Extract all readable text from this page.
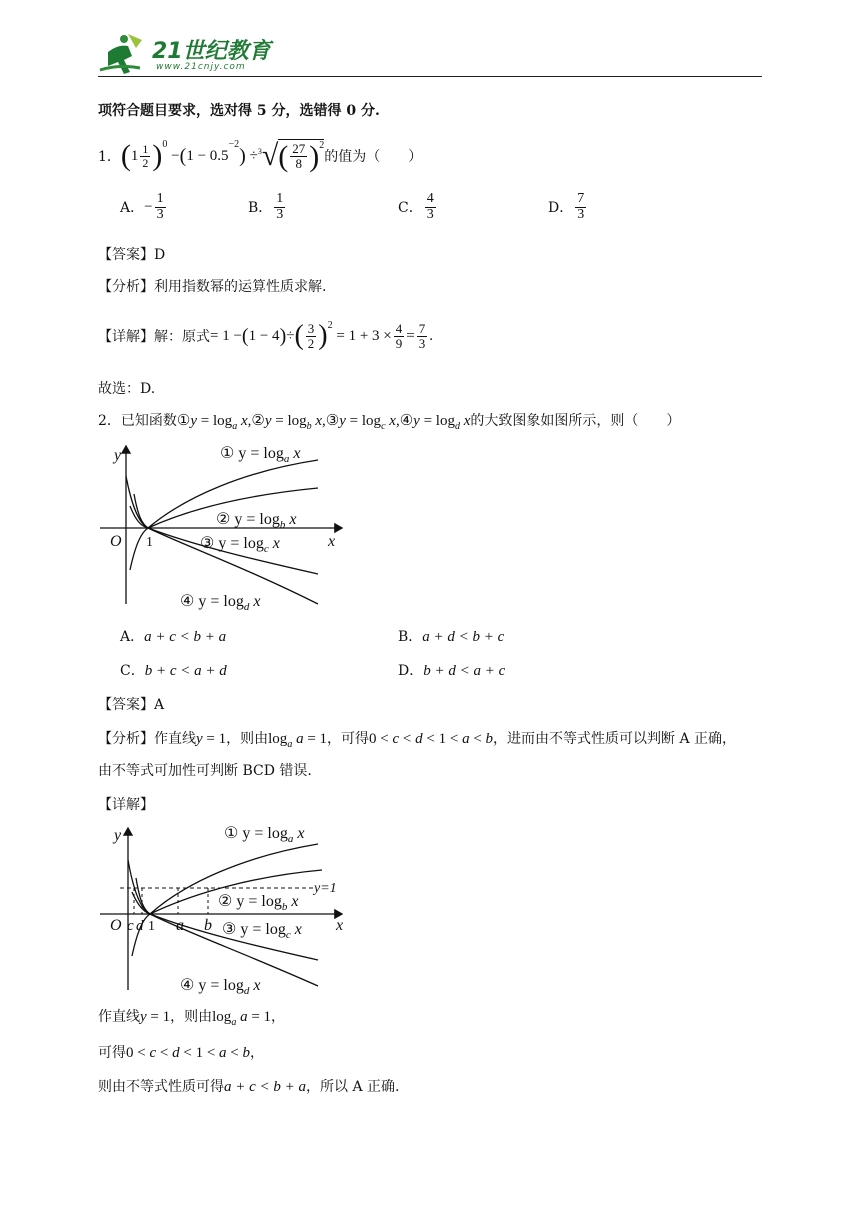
21世纪教育
www.21cnjy.com
项符合题目要求，选对得 5 分，选错得 0 分.
1． ( $1 \frac{1}{2} )^0$
− ( 1 − 0.5
$^{-2}$
) ÷$^3$ √ ( $\frac{27}{8} )^2$
的值为（　　）
A． − $\frac{1}{3}$	B． $\frac{1}{3}$	C． $\frac{4}{3}$	D． $\frac{7}{3}$
【答案】D
【分析】利用指数幂的运算性质求解.
【详解】 解：原式 = 1 − ( 1 − 4 ) ÷ ( $\frac{3}{2} )^2$
= $1 + 3 \times \frac{4}{9} = \frac{7}{3}$ .
故选：D.
2．已知函数①y = $\log_a$ x,②y = $\log_b$ x,③y = $\log_c$ x,④y = $\log_d x$的大致图象如图所示，则（　　）
y
x
O 1
① $y = \log_a x$
② $y = \log_b x$
③ $y = \log_c x$
④ $y = \log_d x$
A．a + c < b + a	B．a + d < b + c
C．b + c < a + d	D．b + d < a + c
【答案】A
【分析】作直线y = 1，则由$\log_a a = 1$，可得0 < c < d < 1 < a < b，进而由不等式性质可以判断 A 正确，
由不等式可加性可判断 BCD 错误.
【详解】
y
x
O c d 1 a b
y=1
① $y = \log_a x$
② $y = \log_b x$
③ $y = \log_c x$
④ $y = \log_d x$
作直线y = 1，则由$\log_a a = 1$，
可得0 < c < d < 1 < a < b，
则由不等式性质可得a + c < b + a，所以 A 正确.
